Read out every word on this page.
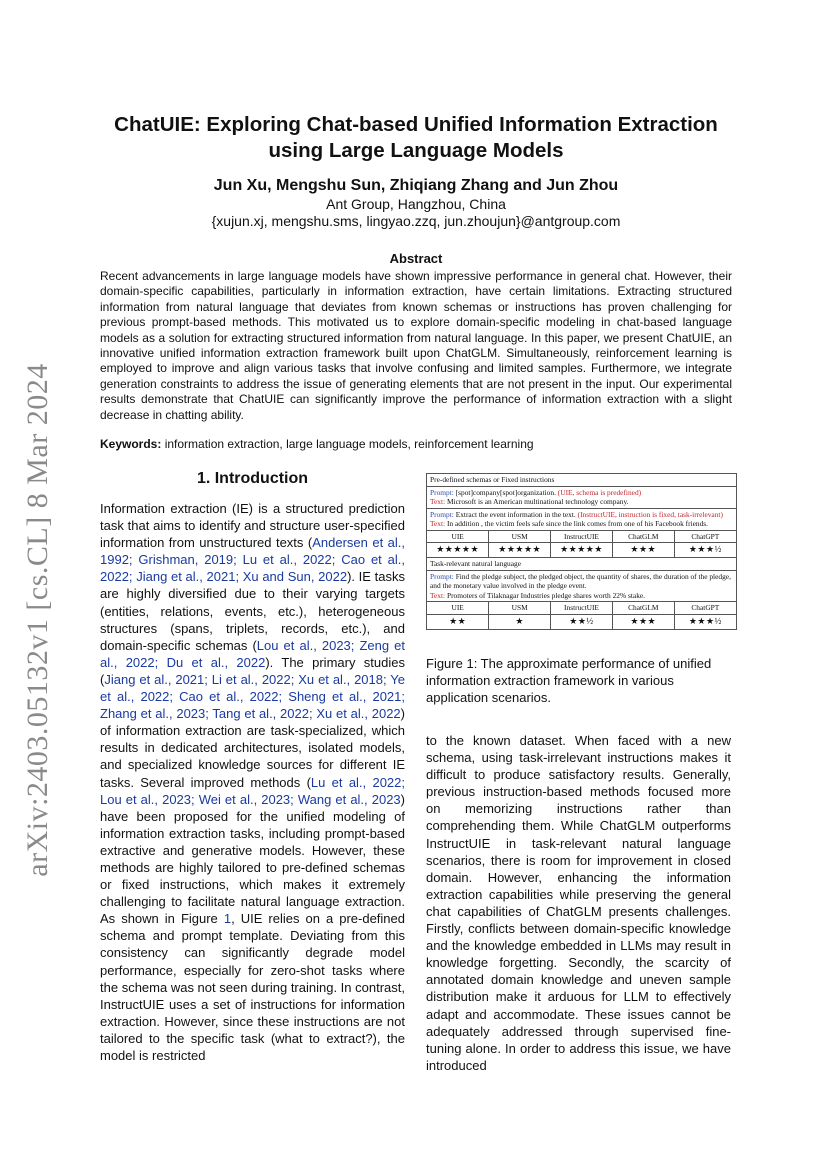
arXiv:2403.05132v1 [cs.CL] 8 Mar 2024
ChatUIE: Exploring Chat-based Unified Information Extraction using Large Language Models
Jun Xu, Mengshu Sun, Zhiqiang Zhang and Jun Zhou
Ant Group, Hangzhou, China
{xujun.xj, mengshu.sms, lingyao.zzq, jun.zhoujun}@antgroup.com
Abstract
Recent advancements in large language models have shown impressive performance in general chat. However, their domain-specific capabilities, particularly in information extraction, have certain limitations. Extracting structured information from natural language that deviates from known schemas or instructions has proven challenging for previous prompt-based methods. This motivated us to explore domain-specific modeling in chat-based language models as a solution for extracting structured information from natural language. In this paper, we present ChatUIE, an innovative unified information extraction framework built upon ChatGLM. Simultaneously, reinforcement learning is employed to improve and align various tasks that involve confusing and limited samples. Furthermore, we integrate generation constraints to address the issue of generating elements that are not present in the input. Our experimental results demonstrate that ChatUIE can significantly improve the performance of information extraction with a slight decrease in chatting ability.
Keywords: information extraction, large language models, reinforcement learning
1. Introduction
Information extraction (IE) is a structured prediction task that aims to identify and structure user-specified information from unstructured texts (Andersen et al., 1992; Grishman, 2019; Lu et al., 2022; Cao et al., 2022; Jiang et al., 2021; Xu and Sun, 2022). IE tasks are highly diversified due to their varying targets (entities, relations, events, etc.), heterogeneous structures (spans, triplets, records, etc.), and domain-specific schemas (Lou et al., 2023; Zeng et al., 2022; Du et al., 2022). The primary studies (Jiang et al., 2021; Li et al., 2022; Xu et al., 2018; Ye et al., 2022; Cao et al., 2022; Sheng et al., 2021; Zhang et al., 2023; Tang et al., 2022; Xu et al., 2022) of information extraction are task-specialized, which results in dedicated architectures, isolated models, and specialized knowledge sources for different IE tasks. Several improved methods (Lu et al., 2022; Lou et al., 2023; Wei et al., 2023; Wang et al., 2023) have been proposed for the unified modeling of information extraction tasks, including prompt-based extractive and generative models. However, these methods are highly tailored to pre-defined schemas or fixed instructions, which makes it extremely challenging to facilitate natural language extraction. As shown in Figure 1, UIE relies on a pre-defined schema and prompt template. Deviating from this consistency can significantly degrade model performance, especially for zero-shot tasks where the schema was not seen during training. In contrast, InstructUIE uses a set of instructions for information extraction. However, since these instructions are not tailored to the specific task (what to extract?), the model is restricted
Pre-defined schemas or Fixed instructions
Prompt: [spot]company[spot]organization. (UIE, schema is predefined)
Text: Microsoft is an American multinational technology company.
Prompt: Extract the event information in the text. (InstructUIE, instruction is fixed, task-irrelevant)
Text: In addition , the victim feels safe since the link comes from one of his Facebook friends.
UIE	USM	InstructUIE	ChatGLM	ChatGPT
★★★★★	★★★★★	★★★★★	★★★	★★★½
Task-relevant natural language
Prompt: Find the pledge subject, the pledged object, the quantity of shares, the duration of the pledge, and the monetary value involved in the pledge event.
Text: Promoters of Tilaknagar Industries pledge shares worth 22% stake.
UIE	USM	InstructUIE	ChatGLM	ChatGPT
★★	★	★★½	★★★	★★★½
Figure 1: The approximate performance of unified information extraction framework in various application scenarios.
to the known dataset. When faced with a new schema, using task-irrelevant instructions makes it difficult to produce satisfactory results. Generally, previous instruction-based methods focused more on memorizing instructions rather than comprehending them. While ChatGLM outperforms InstructUIE in task-relevant natural language scenarios, there is room for improvement in closed domain. However, enhancing the information extraction capabilities while preserving the general chat capabilities of ChatGLM presents challenges. Firstly, conflicts between domain-specific knowledge and the knowledge embedded in LLMs may result in knowledge forgetting. Secondly, the scarcity of annotated domain knowledge and uneven sample distribution make it arduous for LLM to effectively adapt and accommodate. These issues cannot be adequately addressed through supervised fine-tuning alone. In order to address this issue, we have introduced
